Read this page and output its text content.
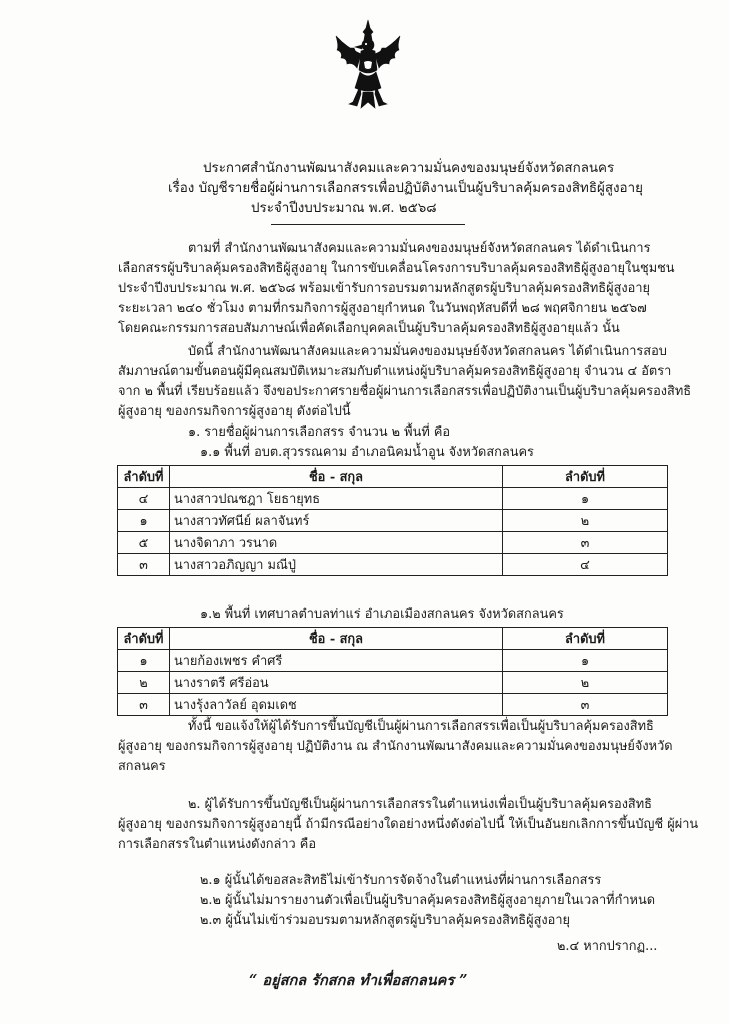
ประกาศสำนักงานพัฒนาสังคมและความมั่นคงของมนุษย์จังหวัดสกลนคร
เรื่อง บัญชีรายชื่อผู้ผ่านการเลือกสรรเพื่อปฏิบัติงานเป็นผู้บริบาลคุ้มครองสิทธิผู้สูงอายุ
ประจำปีงบประมาณ พ.ศ. ๒๕๖๘
ตามที่ สำนักงานพัฒนาสังคมและความมั่นคงของมนุษย์จังหวัดสกลนคร ได้ดำเนินการ
เลือกสรรผู้บริบาลคุ้มครองสิทธิผู้สูงอายุ ในการขับเคลื่อนโครงการบริบาลคุ้มครองสิทธิผู้สูงอายุในชุมชน
ประจำปีงบประมาณ พ.ศ. ๒๕๖๘ พร้อมเข้ารับการอบรมตามหลักสูตรผู้บริบาลคุ้มครองสิทธิผู้สูงอายุ
ระยะเวลา ๒๔๐ ชั่วโมง ตามที่กรมกิจการผู้สูงอายุกำหนด ในวันพฤหัสบดีที่ ๒๘ พฤศจิกายน ๒๕๖๗
โดยคณะกรรมการสอบสัมภาษณ์เพื่อคัดเลือกบุคคลเป็นผู้บริบาลคุ้มครองสิทธิผู้สูงอายุแล้ว นั้น
บัดนี้ สำนักงานพัฒนาสังคมและความมั่นคงของมนุษย์จังหวัดสกลนคร ได้ดำเนินการสอบ
สัมภาษณ์ตามขั้นตอนผู้มีคุณสมบัติเหมาะสมกับตำแหน่งผู้บริบาลคุ้มครองสิทธิผู้สูงอายุ จำนวน ๔ อัตรา
จาก ๒ พื้นที่ เรียบร้อยแล้ว จึงขอประกาศรายชื่อผู้ผ่านการเลือกสรรเพื่อปฏิบัติงานเป็นผู้บริบาลคุ้มครองสิทธิ
ผู้สูงอายุ ของกรมกิจการผู้สูงอายุ ดังต่อไปนี้
๑. รายชื่อผู้ผ่านการเลือกสรร จำนวน ๒ พื้นที่ คือ
๑.๑ พื้นที่ อบต.สุวรรณคาม อำเภอนิคมน้ำอูน จังหวัดสกลนคร
ลำดับที่	ชื่อ - สกุล	ลำดับที่
๔	นางสาวปณชฎา โยธายุทธ	๑
๑	นางสาวทัศนีย์ ผลาจันทร์	๒
๕	นางจิดาภา วรนาด	๓
๓	นางสาวอภิญญา มณีปู่	๔
๑.๒ พื้นที่ เทศบาลตำบลท่าแร่ อำเภอเมืองสกลนคร จังหวัดสกลนคร
ลำดับที่	ชื่อ - สกุล	ลำดับที่
๑	นายก้องเพชร คำศรี	๑
๒	นางราตรี ศรีอ่อน	๒
๓	นางรุ้งลาวัลย์ อุดมเดช	๓
ทั้งนี้ ขอแจ้งให้ผู้ได้รับการขึ้นบัญชีเป็นผู้ผ่านการเลือกสรรเพื่อเป็นผู้บริบาลคุ้มครองสิทธิ
ผู้สูงอายุ ของกรมกิจการผู้สูงอายุ ปฏิบัติงาน ณ สำนักงานพัฒนาสังคมและความมั่นคงของมนุษย์จังหวัด
สกลนคร
๒. ผู้ได้รับการขึ้นบัญชีเป็นผู้ผ่านการเลือกสรรในตำแหน่งเพื่อเป็นผู้บริบาลคุ้มครองสิทธิ
ผู้สูงอายุ ของกรมกิจการผู้สูงอายุนี้ ถ้ามีกรณีอย่างใดอย่างหนึ่งดังต่อไปนี้ ให้เป็นอันยกเลิกการขึ้นบัญชี ผู้ผ่าน
การเลือกสรรในตำแหน่งดังกล่าว คือ
๒.๑ ผู้นั้นได้ขอสละสิทธิไม่เข้ารับการจัดจ้างในตำแหน่งที่ผ่านการเลือกสรร
๒.๒ ผู้นั้นไม่มารายงานตัวเพื่อเป็นผู้บริบาลคุ้มครองสิทธิผู้สูงอายุภายในเวลาที่กำหนด
๒.๓ ผู้นั้นไม่เข้าร่วมอบรมตามหลักสูตรผู้บริบาลคุ้มครองสิทธิผู้สูงอายุ
๒.๔ หากปรากฏ...
“ อยู่สกล รักสกล ทำเพื่อสกลนคร ”
